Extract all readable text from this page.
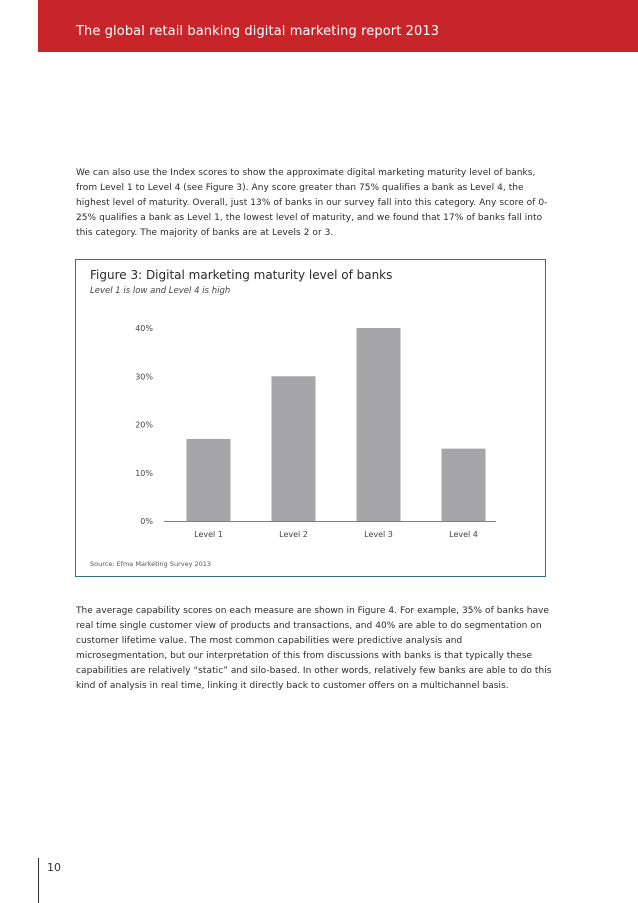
The global retail banking digital marketing report 2013
We can also use the Index scores to show the approximate digital marketing maturity level of banks, from Level 1 to Level 4 (see Figure 3). Any score greater than 75% qualifies a bank as Level 4, the highest level of maturity. Overall, just 13% of banks in our survey fall into this category. Any score of 0-25% qualifies a bank as Level 1, the lowest level of maturity, and we found that 17% of banks fall into this category. The majority of banks are at Levels 2 or 3.
Figure 3: Digital marketing maturity level of banks
Level 1 is low and Level 4 is high
0%
10%
20%
30%
40%
Level 1	Level 2	Level 3	Level 4
Source: Efma Marketing Survey 2013
The average capability scores on each measure are shown in Figure 4. For example, 35% of banks have real time single customer view of products and transactions, and 40% are able to do segmentation on customer lifetime value. The most common capabilities were predictive analysis and microsegmentation, but our interpretation of this from discussions with banks is that typically these capabilities are relatively “static” and silo-based. In other words, relatively few banks are able to do this kind of analysis in real time, linking it directly back to customer offers on a multichannel basis.
10
